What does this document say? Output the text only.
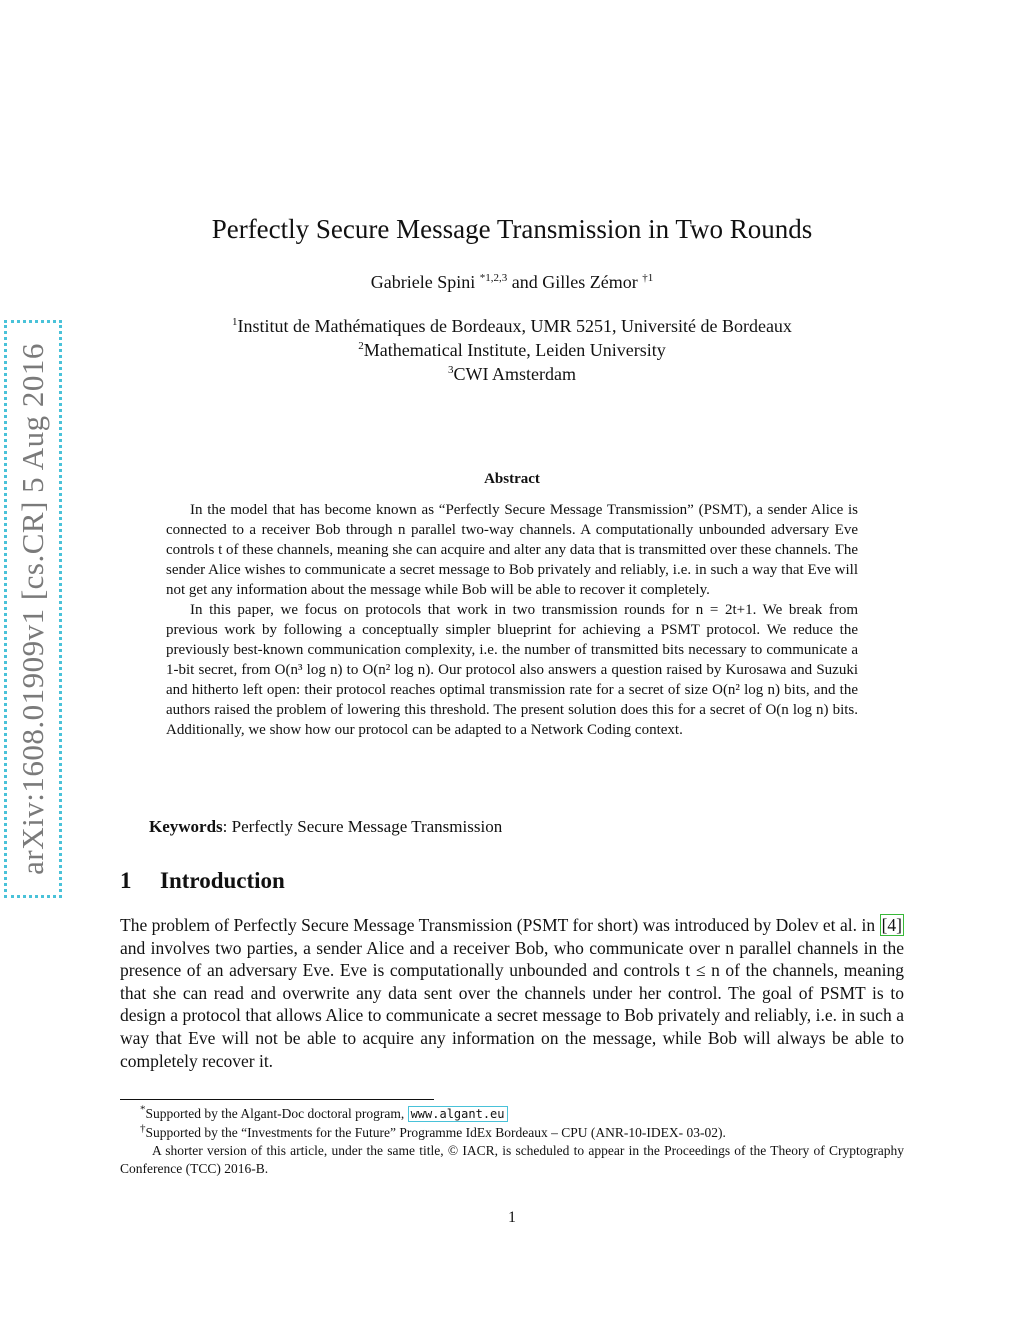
arXiv:1608.01909v1 [cs.CR] 5 Aug 2016
Perfectly Secure Message Transmission in Two Rounds
Gabriele Spini $^{*1,2,3}$ and Gilles Zémor $^{\dagger 1}$
$^1$Institut de Mathématiques de Bordeaux, UMR 5251, Université de Bordeaux
$^2$Mathematical Institute, Leiden University
$^3$CWI Amsterdam
Abstract

In the model that has become known as “Perfectly Secure Message Transmission” (PSMT), a sender Alice is connected to a receiver Bob through n parallel two-way channels. A computationally unbounded adversary Eve controls t of these channels, meaning she can acquire and alter any data that is transmitted over these channels. The sender Alice wishes to communicate a secret message to Bob privately and reliably, i.e. in such a way that Eve will not get any information about the message while Bob will be able to recover it completely.

In this paper, we focus on protocols that work in two transmission rounds for n = 2t+1. We break from previous work by following a conceptually simpler blueprint for achieving a PSMT protocol. We reduce the previously best-known communication complexity, i.e. the number of transmitted bits necessary to communicate a 1-bit secret, from O(n³ log n) to O(n² log n). Our protocol also answers a question raised by Kurosawa and Suzuki and hitherto left open: their protocol reaches optimal transmission rate for a secret of size O(n² log n) bits, and the authors raised the problem of lowering this threshold. The present solution does this for a secret of O(n log n) bits. Additionally, we show how our protocol can be adapted to a Network Coding context.

Keywords: Perfectly Secure Message Transmission
1 Introduction

The problem of Perfectly Secure Message Transmission (PSMT for short) was introduced by Dolev et al. in [4] and involves two parties, a sender Alice and a receiver Bob, who communicate over n parallel channels in the presence of an adversary Eve. Eve is computationally unbounded and controls t ≤ n of the channels, meaning that she can read and overwrite any data sent over the channels under her control. The goal of PSMT is to design a protocol that allows Alice to communicate a secret message to Bob privately and reliably, i.e. in such a way that Eve will not be able to acquire any information on the message, while Bob will always be able to completely recover it.

*Supported by the Algant-Doc doctoral program, www.algant.eu
†Supported by the “Investments for the Future” Programme IdEx Bordeaux – CPU (ANR-10-IDEX- 03-02).
A shorter version of this article, under the same title, © IACR, is scheduled to appear in the Proceedings of the Theory of Cryptography Conference (TCC) 2016-B.
1
